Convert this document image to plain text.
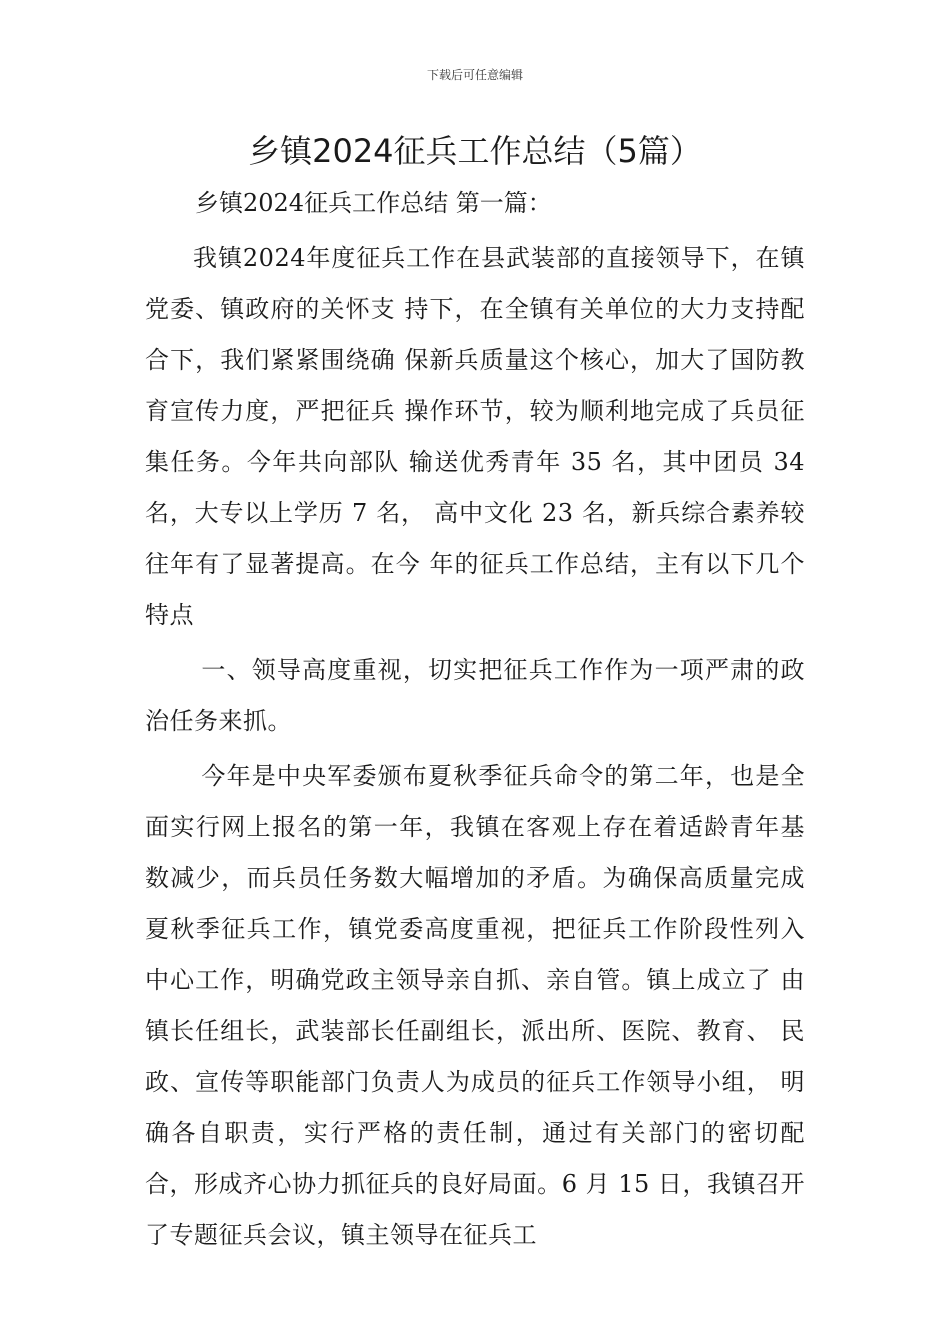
下载后可任意编辑
乡镇2024征兵工作总结（5篇）

乡镇2024征兵工作总结 第一篇：

我镇2024年度征兵工作在县武装部的直接领导下，在镇党委、镇政府的关怀支 持下，在全镇有关单位的大力支持配合下，我们紧紧围绕确 保新兵质量这个核心，加大了国防教育宣传力度，严把征兵 操作环节，较为顺利地完成了兵员征集任务。今年共向部队 输送优秀青年 35 名，其中团员 34 名，大专以上学历 7 名， 高中文化 23 名，新兵综合素养较往年有了显著提高。在今 年的征兵工作总结，主有以下几个特点

一、领导高度重视，切实把征兵工作作为一项严肃的政 治任务来抓。

今年是中央军委颁布夏秋季征兵命令的第二年，也是全 面实行网上报名的第一年，我镇在客观上存在着适龄青年基 数减少，而兵员任务数大幅增加的矛盾。为确保高质量完成 夏秋季征兵工作，镇党委高度重视，把征兵工作阶段性列入 中心工作，明确党政主领导亲自抓、亲自管。镇上成立了 由镇长任组长，武装部长任副组长，派出所、医院、教育、 民政、宣传等职能部门负责人为成员的征兵工作领导小组， 明确各自职责，实行严格的责任制，通过有关部门的密切配 合，形成齐心协力抓征兵的良好局面。6 月 15 日，我镇召开 了专题征兵会议，镇主领导在征兵工
